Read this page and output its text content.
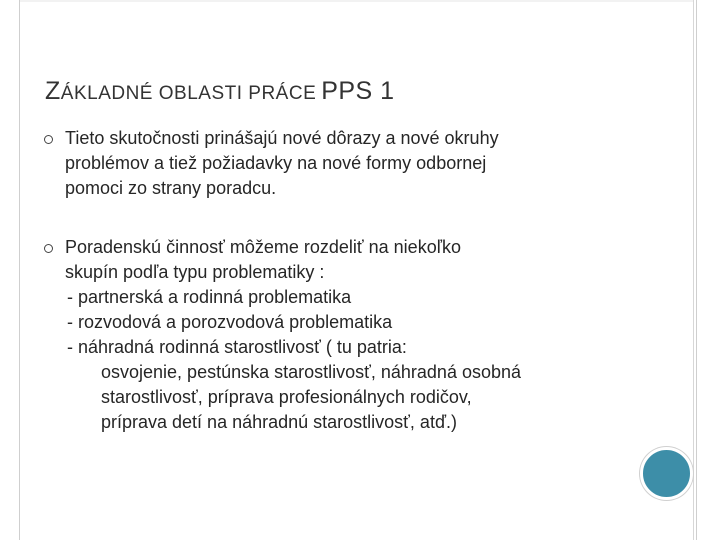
ZÁKLADNÉ OBLASTI PRÁCE PPS 1
Tieto skutočnosti prinášajú nové dôrazy a nové okruhy
problémov a tiež požiadavky na nové formy odbornej
pomoci zo strany poradcu.
Poradenskú činnosť môžeme rozdeliť na niekoľko
skupín podľa typu problematiky :
- partnerská a rodinná problematika
- rozvodová a porozvodová problematika
- náhradná rodinná starostlivosť ( tu patria:
osvojenie, pestúnska starostlivosť, náhradná osobná
starostlivosť, príprava profesionálnych rodičov,
príprava detí na náhradnú starostlivosť, atď.)
